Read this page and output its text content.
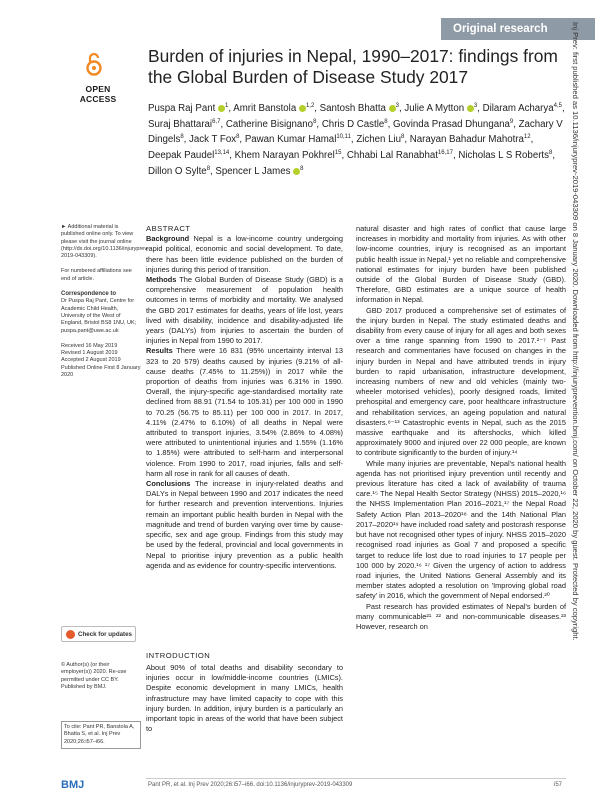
Original research
OPEN ACCESS
Burden of injuries in Nepal, 1990–2017: findings from the Global Burden of Disease Study 2017
Puspa Raj Pant $^1$, Amrit Banstola $^{1,2}$, Santosh Bhatta $^3$, Julie A Mytton $^3$, Dilaram Acharya$^{4,5}$, Suraj Bhattarai$^{6,7}$, Catherine Bisignano$^8$, Chris D Castle$^8$, Govinda Prasad Dhungana$^9$, Zachary V Dingels$^8$, Jack T Fox$^8$, Pawan Kumar Hamal$^{10,11}$, Zichen Liu$^8$, Narayan Bahadur Mahotra$^{12}$, Deepak Paudel$^{13,14}$, Khem Narayan Pokhrel$^{15}$, Chhabi Lal Ranabhat$^{16,17}$, Nicholas L S Roberts$^8$, Dillon O Sylte$^8$, Spencer L James $^8$
► Additional material is published online only. To view please visit the journal online (http://dx.doi.org/10.1136/injuryprev-2019-043309).
For numbered affiliations see end of article.
Correspondence to
Dr Puspa Raj Pant, Centre for Academic Child Health, University of the West of England, Bristol BS8 1NU, UK; puspa.pant@uwe.ac.uk
Received 16 May 2019
Revised 1 August 2019
Accepted 2 August 2019
Published Online First 8 January 2020
Check for updates
© Author(s) (or their employer(s)) 2020. Re-use permitted under CC BY. Published by BMJ.
To cite: Pant PR, Banstola A, Bhatta S, et al. Inj Prev 2020;26:i57–i66.
ABSTRACT

Background Nepal is a low-income country undergoing rapid political, economic and social development. To date, there has been little evidence published on the burden of injuries during this period of transition.

Methods The Global Burden of Disease Study (GBD) is a comprehensive measurement of population health outcomes in terms of morbidity and mortality. We analysed the GBD 2017 estimates for deaths, years of life lost, years lived with disability, incidence and disability-adjusted life years (DALYs) from injuries to ascertain the burden of injuries in Nepal from 1990 to 2017.

Results There were 16 831 (95% uncertainty interval 13 323 to 20 579) deaths caused by injuries (9.21% of all-cause deaths (7.45% to 11.25%)) in 2017 while the proportion of deaths from injuries was 6.31% in 1990. Overall, the injury-specific age-standardised mortality rate declined from 88.91 (71.54 to 105.31) per 100 000 in 1990 to 70.25 (56.75 to 85.11) per 100 000 in 2017. In 2017, 4.11% (2.47% to 6.10%) of all deaths in Nepal were attributed to transport injuries, 3.54% (2.86% to 4.08%) were attributed to unintentional injuries and 1.55% (1.16% to 1.85%) were attributed to self-harm and interpersonal violence. From 1990 to 2017, road injuries, falls and self-harm all rose in rank for all causes of death.

Conclusions The increase in injury-related deaths and DALYs in Nepal between 1990 and 2017 indicates the need for further research and prevention interventions. Injuries remain an important public health burden in Nepal with the magnitude and trend of burden varying over time by cause-specific, sex and age group. Findings from this study may be used by the federal, provincial and local governments in Nepal to prioritise injury prevention as a public health agenda and as evidence for country-specific interventions.

INTRODUCTION
About 90% of total deaths and disability secondary to injuries occur in low/middle-income countries (LMICs). Despite economic development in many LMICs, health infrastructure may have limited capacity to cope with this injury burden. In addition, injury burden is a particularly an important topic in areas of the world that have been subject to

natural disaster and high rates of conflict that cause large increases in morbidity and mortality from injuries. As with other low-income countries, injury is recognised as an important public health issue in Nepal,¹ yet no reliable and comprehensive national estimates for injury burden have been published outside of the Global Burden of Disease Study (GBD). Therefore, GBD estimates are a unique source of health information in Nepal.

GBD 2017 produced a comprehensive set of estimates of the injury burden in Nepal. The study estimated deaths and disability from every cause of injury for all ages and both sexes over a time range spanning from 1990 to 2017.²⁻⁷ Past research and commentaries have focused on changes in the injury burden in Nepal and have attributed trends in injury burden to rapid urbanisation, infrastructure development, increasing numbers of new and old vehicles (mainly two-wheeler motorised vehicles), poorly designed roads, limited prehospital and emergency care, poor healthcare infrastructure and rehabilitation services, an ageing population and natural disasters.⁸⁻¹³ Catastrophic events in Nepal, such as the 2015 massive earthquake and its aftershocks, which killed approximately 9000 and injured over 22 000 people, are known to contribute significantly to the burden of injury.¹⁴

While many injuries are preventable, Nepal's national health agenda has not prioritised injury prevention until recently and previous literature has cited a lack of availability of trauma care.¹⁵ The Nepal Health Sector Strategy (NHSS) 2015–2020,¹⁶ the NHSS Implementation Plan 2016–2021,¹⁷ the Nepal Road Safety Action Plan 2013–2020¹⁸ and the 14th National Plan 2017–2020¹⁹ have included road safety and postcrash response but have not recognised other types of injury. NHSS 2015–2020 recognised road injuries as Goal 7 and proposed a specific target to reduce life lost due to road injuries to 17 people per 100 000 by 2020.¹⁶ ¹⁷ Given the urgency of action to address road injuries, the United Nations General Assembly and its member states adopted a resolution on 'Improving global road safety' in 2016, which the government of Nepal endorsed.²⁰

Past research has provided estimates of Nepal's burden of many communicable²¹ ²² and non-communicable diseases.²³ However, research on	Inj Prev: first published as 10.1136/injuryprev-2019-043309 on 8 January 2020. Downloaded from http://injuryprevention.bmj.com/ on October 22, 2020 by guest. Protected by copyright.
BMJ	Pant PR, et al. Inj Prev 2020;26:i57–i66. doi:10.1136/injuryprev-2019-043309	i57
